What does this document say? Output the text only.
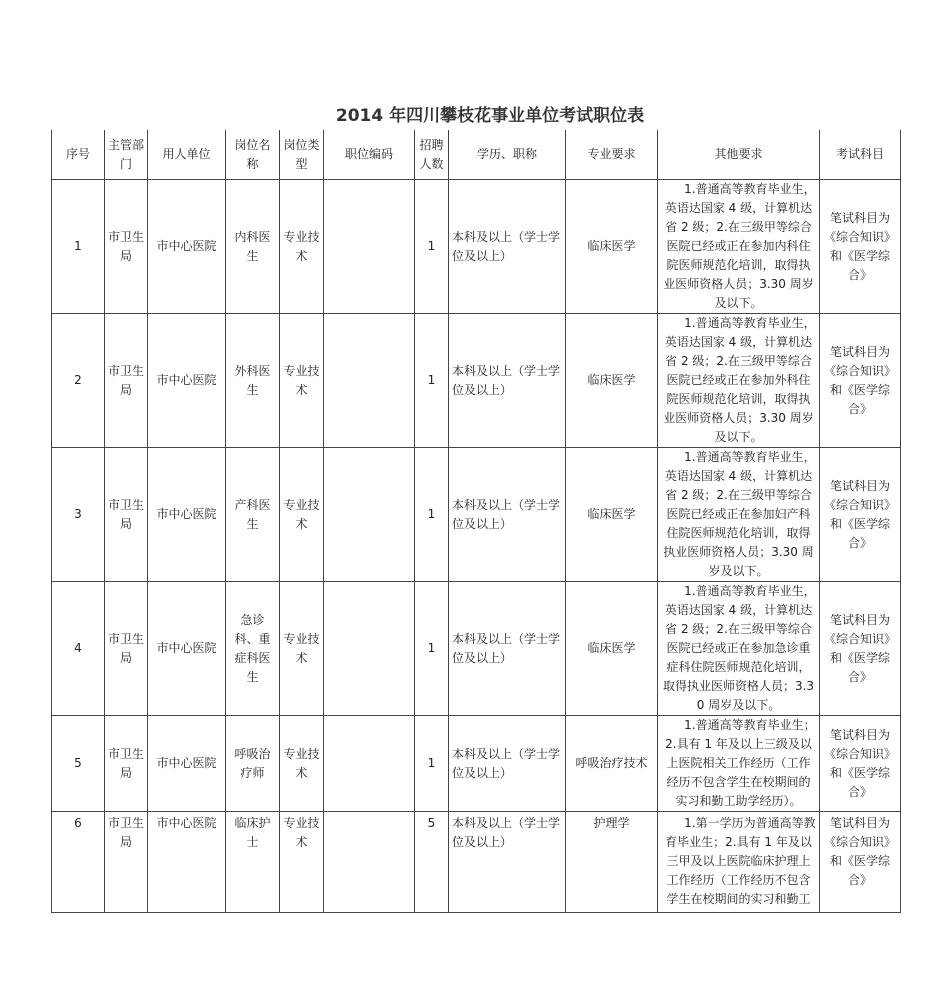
2014 年四川攀枝花事业单位考试职位表
序号	主管部门	用人单位	岗位名称	岗位类型	职位编码	招聘人数	学历、职称	专业要求	其他要求	考试科目
1	市卫生局	市中心医院	内科医生	专业技术		1	本科及以上（学士学位及以上）	临床医学	1.普通高等教育毕业生，英语达国家 4 级，计算机达省 2 级；2.在三级甲等综合医院已经或正在参加内科住院医师规范化培训，取得执业医师资格人员；3.30 周岁及以下。	笔试科目为《综合知识》和《医学综合》
2	市卫生局	市中心医院	外科医生	专业技术		1	本科及以上（学士学位及以上）	临床医学	1.普通高等教育毕业生，英语达国家 4 级，计算机达省 2 级；2.在三级甲等综合医院已经或正在参加外科住院医师规范化培训，取得执业医师资格人员；3.30 周岁及以下。	笔试科目为《综合知识》和《医学综合》
3	市卫生局	市中心医院	产科医生	专业技术		1	本科及以上（学士学位及以上）	临床医学	1.普通高等教育毕业生，英语达国家 4 级，计算机达省 2 级；2.在三级甲等综合医院已经或正在参加妇产科住院医师规范化培训，取得执业医师资格人员；3.30 周岁及以下。	笔试科目为《综合知识》和《医学综合》
4	市卫生局	市中心医院	急诊科、重症科医生	专业技术		1	本科及以上（学士学位及以上）	临床医学	1.普通高等教育毕业生，英语达国家 4 级，计算机达省 2 级；2.在三级甲等综合医院已经或正在参加急诊重症科住院医师规范化培训，取得执业医师资格人员；3.30 周岁及以下。	笔试科目为《综合知识》和《医学综合》
5	市卫生局	市中心医院	呼吸治疗师	专业技术		1	本科及以上（学士学位及以上）	呼吸治疗技术	1.普通高等教育毕业生；2.具有 1 年及以上三级及以上医院相关工作经历（工作经历不包含学生在校期间的实习和勤工助学经历）。	笔试科目为《综合知识》和《医学综合》
6	市卫生局	市中心医院	临床护士	专业技术		5	本科及以上（学士学位及以上）	护理学	1.第一学历为普通高等教育毕业生；2.具有 1 年及以三甲及以上医院临床护理上工作经历（工作经历不包含学生在校期间的实习和勤工	笔试科目为《综合知识》和《医学综合》
